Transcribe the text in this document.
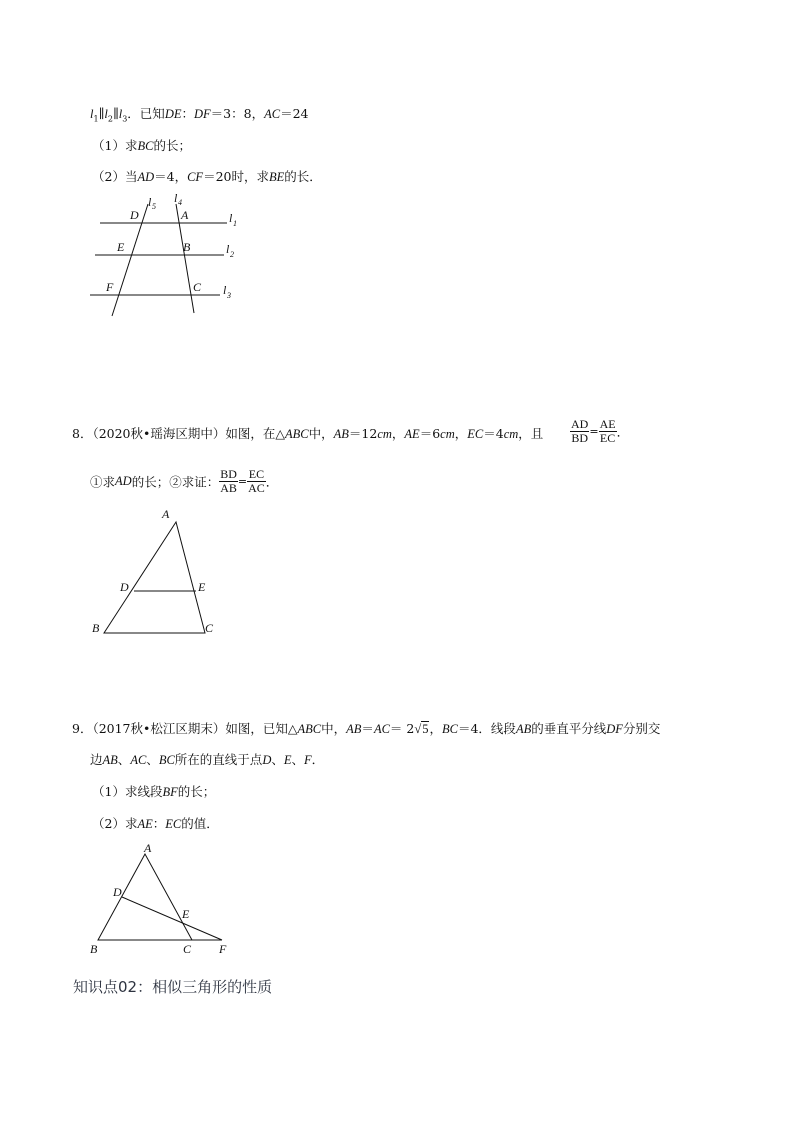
$l_1\parallel l_2\parallel l_3$．已知DE：DF＝3：8，AC＝24
（1）求BC的长；
（2）当AD＝4，CF＝20时，求BE的长．
D	A
E	B
F	C
l 5
l 4
l 1
l 2
l 3
8．（2020秋•瑶海区期中）如图，在△ABC中，AB＝12cm，AE＝6cm，EC＝4cm，且 $\frac{AD}{BD} = \frac{AE}{EC}$ ．
①求AD的长；②求证： $\frac{BD}{AB} = \frac{EC}{AC}$ ．
A
D	E
B	C
9．（2017秋•松江区期末）如图，已知△ABC中，AB＝AC＝ 2√5，BC＝4．线段AB的垂直平分线DF分别交
边AB、AC、BC所在的直线于点D、E、F．
（1）求线段BF的长；
（2）求AE：EC的值．
A
D
E
B	C F
知识点02：相似三角形的性质
